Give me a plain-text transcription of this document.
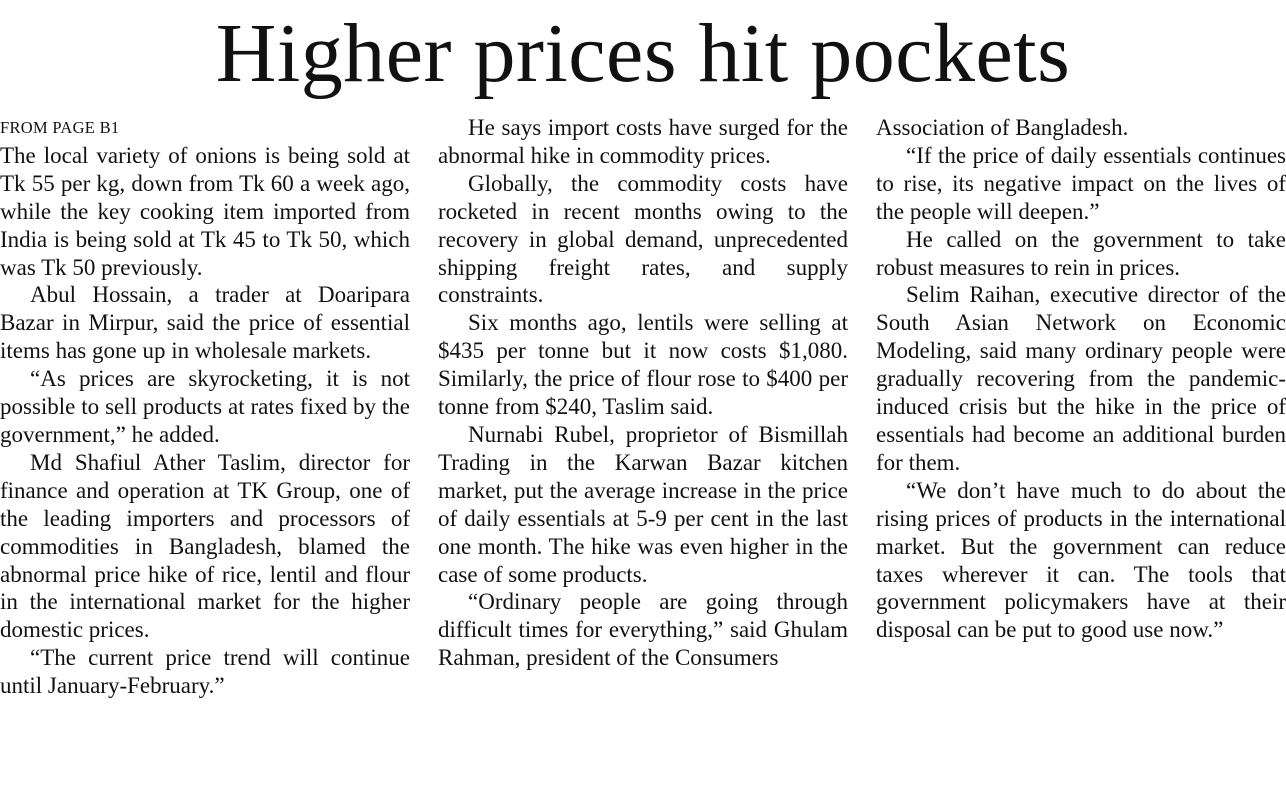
Higher prices hit pockets
FROM PAGE B1

The local variety of onions is being sold at Tk 55 per kg, down from Tk 60 a week ago, while the key cooking item imported from India is being sold at Tk 45 to Tk 50, which was Tk 50 previously.

Abul Hossain, a trader at Doaripara Bazar in Mirpur, said the price of essential items has gone up in wholesale markets.

“As prices are skyrocketing, it is not possible to sell products at rates fixed by the government,” he added.

Md Shafiul Ather Taslim, director for finance and operation at TK Group, one of the leading importers and processors of commodities in Bangladesh, blamed the abnormal price hike of rice, lentil and flour in the international market for the higher domestic prices.

“The current price trend will continue until January-February.”

He says import costs have surged for the abnormal hike in commodity prices.

Globally, the commodity costs have rocketed in recent months owing to the recovery in global demand, unprecedented shipping freight rates, and supply constraints.

Six months ago, lentils were selling at $435 per tonne but it now costs $1,080. Similarly, the price of flour rose to $400 per tonne from $240, Taslim said.

Nurnabi Rubel, proprietor of Bismillah Trading in the Karwan Bazar kitchen market, put the average increase in the price of daily essentials at 5-9 per cent in the last one month. The hike was even higher in the case of some products.

“Ordinary people are going through difficult times for everything,” said Ghulam Rahman, president of the Consumers

Association of Bangladesh.

“If the price of daily essentials continues to rise, its negative impact on the lives of the people will deepen.”

He called on the government to take robust measures to rein in prices.

Selim Raihan, executive director of the South Asian Network on Economic Modeling, said many ordinary people were gradually recovering from the pandemic-induced crisis but the hike in the price of essentials had become an additional burden for them.

“We don’t have much to do about the rising prices of products in the international market. But the government can reduce taxes wherever it can. The tools that government policymakers have at their disposal can be put to good use now.”
